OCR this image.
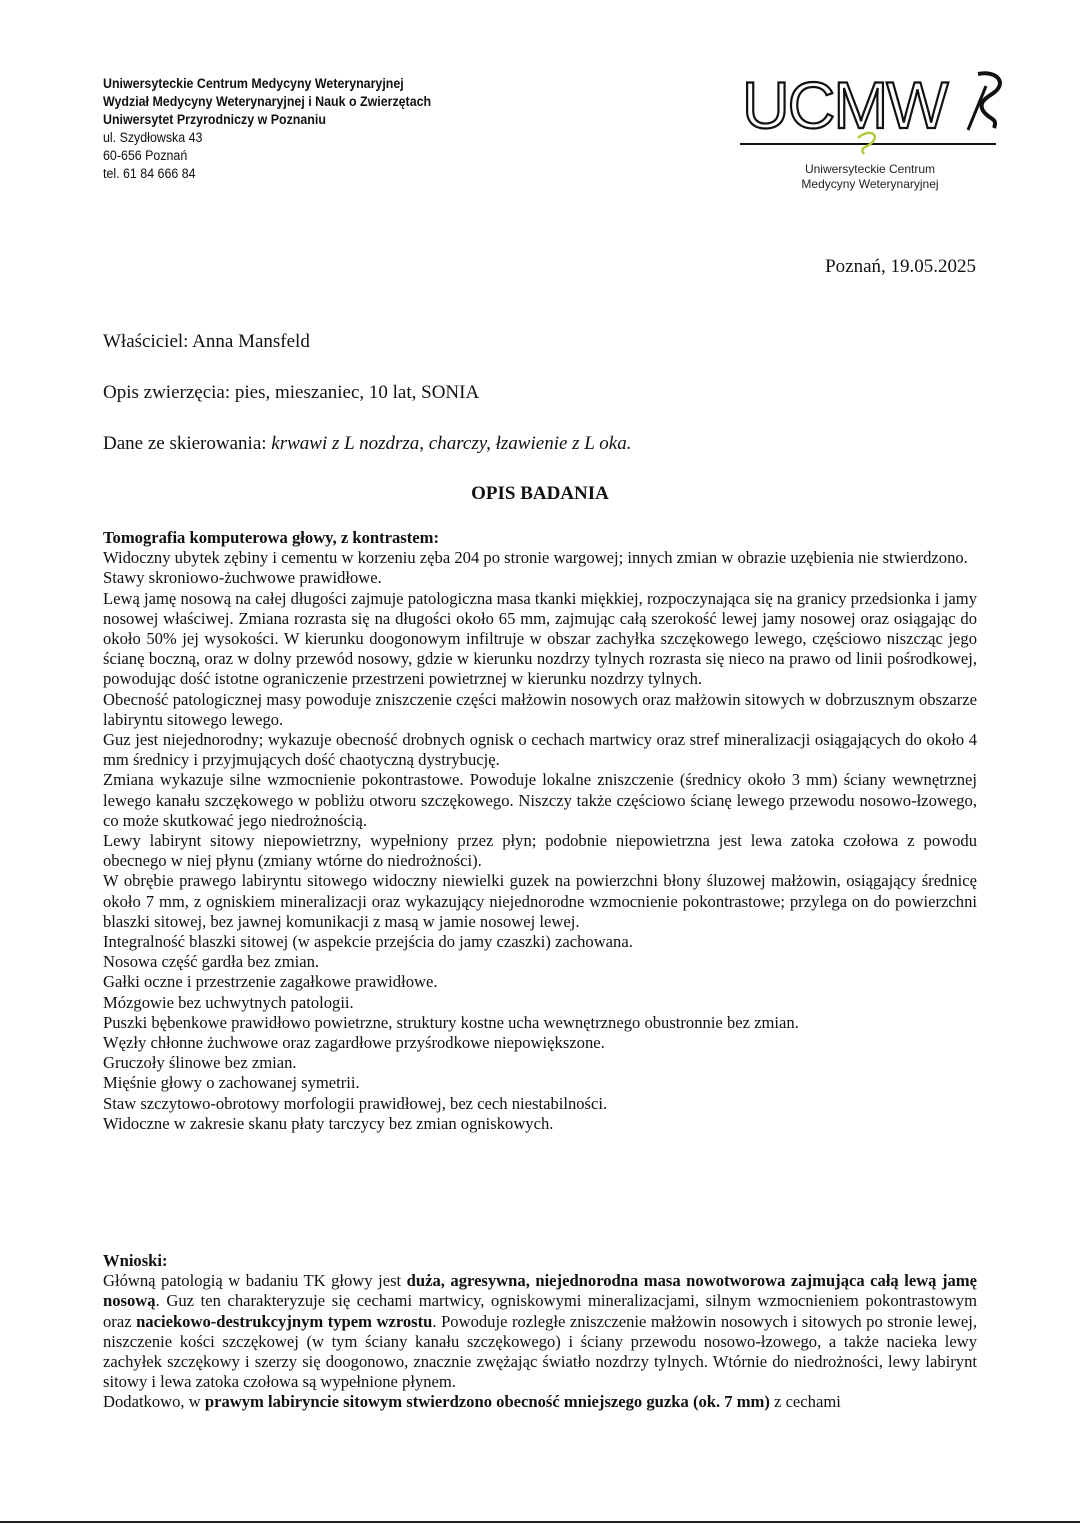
Uniwersyteckie Centrum Medycyny Weterynaryjnej
Wydział Medycyny Weterynaryjnej i Nauk o Zwierzętach
Uniwersytet Przyrodniczy w Poznaniu
ul. Szydłowska 43
60-656 Poznań
tel. 61 84 666 84
UCMW
Uniwersyteckie Centrum
Medycyny Weterynaryjnej
Poznań, 19.05.2025
Właściciel: Anna Mansfeld
Opis zwierzęcia: pies, mieszaniec, 10 lat, SONIA
Dane ze skierowania: krwawi z L nozdrza, charczy, łzawienie z L oka.
OPIS BADANIA

Tomografia komputerowa głowy, z kontrastem:

Widoczny ubytek zębiny i cementu w korzeniu zęba 204 po stronie wargowej; innych zmian w obrazie uzębienia nie stwierdzono.

Stawy skroniowo-żuchwowe prawidłowe.

Lewą jamę nosową na całej długości zajmuje patologiczna masa tkanki miękkiej, rozpoczynająca się na granicy przedsionka i jamy nosowej właściwej. Zmiana rozrasta się na długości około 65 mm, zajmując całą szerokość lewej jamy nosowej oraz osiągając do około 50% jej wysokości. W kierunku doogonowym infiltruje w obszar zachyłka szczękowego lewego, częściowo niszcząc jego ścianę boczną, oraz w dolny przewód nosowy, gdzie w kierunku nozdrzy tylnych rozrasta się nieco na prawo od linii pośrodkowej, powodując dość istotne ograniczenie przestrzeni powietrznej w kierunku nozdrzy tylnych.

Obecność patologicznej masy powoduje zniszczenie części małżowin nosowych oraz małżowin sitowych w dobrzusznym obszarze labiryntu sitowego lewego.

Guz jest niejednorodny; wykazuje obecność drobnych ognisk o cechach martwicy oraz stref mineralizacji osiągających do około 4 mm średnicy i przyjmujących dość chaotyczną dystrybucję.

Zmiana wykazuje silne wzmocnienie pokontrastowe. Powoduje lokalne zniszczenie (średnicy około 3 mm) ściany wewnętrznej lewego kanału szczękowego w pobliżu otworu szczękowego. Niszczy także częściowo ścianę lewego przewodu nosowo-łzowego, co może skutkować jego niedrożnością.

Lewy labirynt sitowy niepowietrzny, wypełniony przez płyn; podobnie niepowietrzna jest lewa zatoka czołowa z powodu obecnego w niej płynu (zmiany wtórne do niedrożności).

W obrębie prawego labiryntu sitowego widoczny niewielki guzek na powierzchni błony śluzowej małżowin, osiągający średnicę około 7 mm, z ogniskiem mineralizacji oraz wykazujący niejednorodne wzmocnienie pokontrastowe; przylega on do powierzchni blaszki sitowej, bez jawnej komunikacji z masą w jamie nosowej lewej.

Integralność blaszki sitowej (w aspekcie przejścia do jamy czaszki) zachowana.

Nosowa część gardła bez zmian.

Gałki oczne i przestrzenie zagałkowe prawidłowe.

Mózgowie bez uchwytnych patologii.

Puszki bębenkowe prawidłowo powietrzne, struktury kostne ucha wewnętrznego obustronnie bez zmian.

Węzły chłonne żuchwowe oraz zagardłowe przyśrodkowe niepowiększone.

Gruczoły ślinowe bez zmian.

Mięśnie głowy o zachowanej symetrii.

Staw szczytowo-obrotowy morfologii prawidłowej, bez cech niestabilności.

Widoczne w zakresie skanu płaty tarczycy bez zmian ogniskowych.

Wnioski:

Główną patologią w badaniu TK głowy jest duża, agresywna, niejednorodna masa nowotworowa zajmująca całą lewą jamę nosową. Guz ten charakteryzuje się cechami martwicy, ogniskowymi mineralizacjami, silnym wzmocnieniem pokontrastowym oraz naciekowo-destrukcyjnym typem wzrostu. Powoduje rozległe zniszczenie małżowin nosowych i sitowych po stronie lewej, niszczenie kości szczękowej (w tym ściany kanału szczękowego) i ściany przewodu nosowo-łzowego, a także nacieka lewy zachyłek szczękowy i szerzy się doogonowo, znacznie zwężając światło nozdrzy tylnych. Wtórnie do niedrożności, lewy labirynt sitowy i lewa zatoka czołowa są wypełnione płynem.

Dodatkowo, w prawym labiryncie sitowym stwierdzono obecność mniejszego guzka (ok. 7 mm) z cechami
